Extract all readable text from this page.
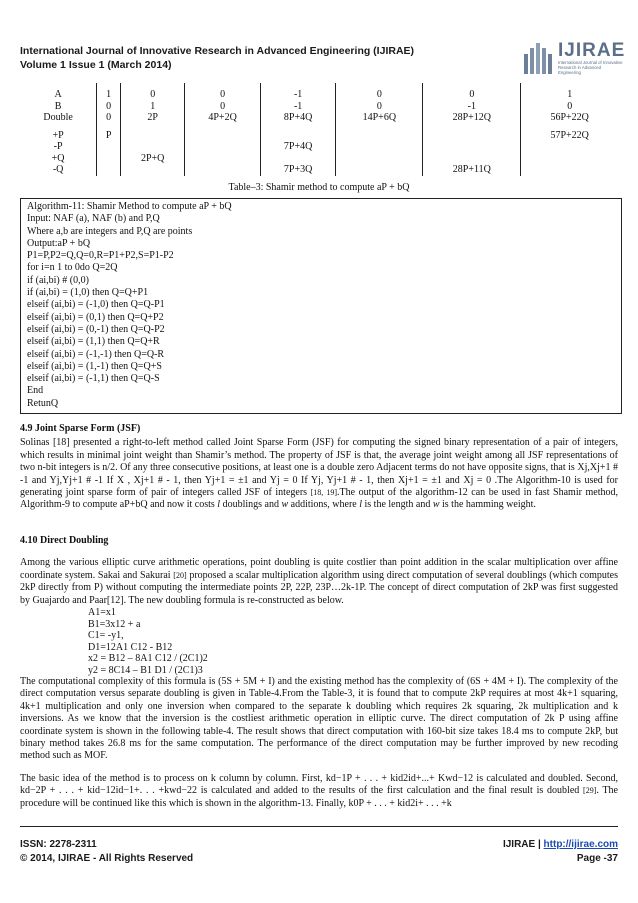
International Journal of Innovative Research in Advanced Engineering (IJIRAE)
Volume 1 Issue 1 (March 2014)
IJIRAE
International Journal of Innovative Research in Advanced Engineering
A	1	0	0	-1	0	0	1
B	0	1	0	-1	0	-1	0
Double	0	2P	4P+2Q	8P+4Q	14P+6Q	28P+12Q	56P+22Q
+P	P						57P+22Q
-P				7P+4Q			
+Q		2P+Q					
-Q				7P+3Q		28P+11Q	
Table–3: Shamir method to compute aP + bQ
Algorithm-11: Shamir Method to compute aP + bQ
Input: NAF (a), NAF (b) and P,Q
Where a,b are integers and P,Q are points
Output:aP + bQ
P1=P,P2=Q,Q=0,R=P1+P2,S=P1-P2
for i=n 1 to 0do Q=2Q
if (ai,bi) # (0,0)
if (ai,bi) = (1,0) then Q=Q+P1
elseif (ai,bi) = (-1,0) then Q=Q-P1
elseif (ai,bi) = (0,1) then Q=Q+P2
elseif (ai,bi) = (0,-1) then Q=Q-P2
elseif (ai,bi) = (1,1) then Q=Q+R
elseif (ai,bi) = (-1,-1) then Q=Q-R
elseif (ai,bi) = (1,-1) then Q=Q+S
elseif (ai,bi) = (-1,1) then Q=Q-S
End
RetunQ
4.9 Joint Sparse Form (JSF)
Solinas [18] presented a right-to-left method called Joint Sparse Form (JSF) for computing the signed binary representation of a pair of integers, which results in minimal joint weight than Shamir’s method. The property of JSF is that, the average joint weight among all JSF representations of two n-bit integers is n/2. Of any three consecutive positions, at least one is a double zero Adjacent terms do not have opposite signs, that is Xj,Xj+1 # -1 and Yj,Yj+1 # -1 If X , Xj+1 # - 1, then Yj+1 = ±1 and Yj = 0 If Yj, Yj+1 # - 1, then Xj+1 = ±1 and Xj = 0 .The Algorithm-10 is used for generating joint sparse form of pair of integers called JSF of integers [18, 19].The output of the algorithm-12 can be used in fast Shamir method, Algorithm-9 to compute aP+bQ and now it costs l doublings and w additions, where l is the length and w is the hamming weight.
4.10 Direct Doubling
Among the various elliptic curve arithmetic operations, point doubling is quite costlier than point addition in the scalar multiplication over affine coordinate system. Sakai and Sakurai [20] proposed a scalar multiplication algorithm using direct computation of several doublings (which computes 2kP directly from P) without computing the intermediate points 2P, 22P, 23P…2k-1P. The concept of direct computation of 2kP was first suggested by Guajardo and Paar[12]. The new doubling formula is re-constructed as below.
A1=x1
B1=3x12 + a
C1= -y1,
D1=12A1 C12 - B12
x2 = B12 – 8A1 C12 / (2C1)2
y2 = 8C14 – B1 D1 / (2C1)3
The computational complexity of this formula is (5S + 5M + I) and the existing method has the complexity of (6S + 4M + I). The complexity of the direct computation versus separate doubling is given in Table-4.From the Table-3, it is found that to compute 2kP requires at most 4k+1 squaring, 4k+1 multiplication and only one inversion when compared to the separate k doubling which requires 2k squaring, 2k multiplication and k inversions. As we know that the inversion is the costliest arithmetic operation in elliptic curve. The direct computation of 2k P using affine coordinate system is shown in the following table-4. The result shows that direct computation with 160-bit size takes 18.4 ms to compute 2kP, but binary method takes 26.8 ms for the same computation. The performance of the direct computation may be further improved by new recoding method such as MOF.
The basic idea of the method is to process on k column by column. First, kd−1P + . . . + kid2id+...+ Kwd−12 is calculated and doubled. Second, kd−2P + . . . + kid−12id−1+. . . +kwd−22 is calculated and added to the results of the first calculation and the final result is doubled [29]. The procedure will be continued like this which is shown in the algorithm-13. Finally, k0P + . . . + kid2i+ . . . +k
ISSN: 2278-2311
© 2014, IJIRAE - All Rights Reserved
IJIRAE | http://ijirae.com
Page -37
